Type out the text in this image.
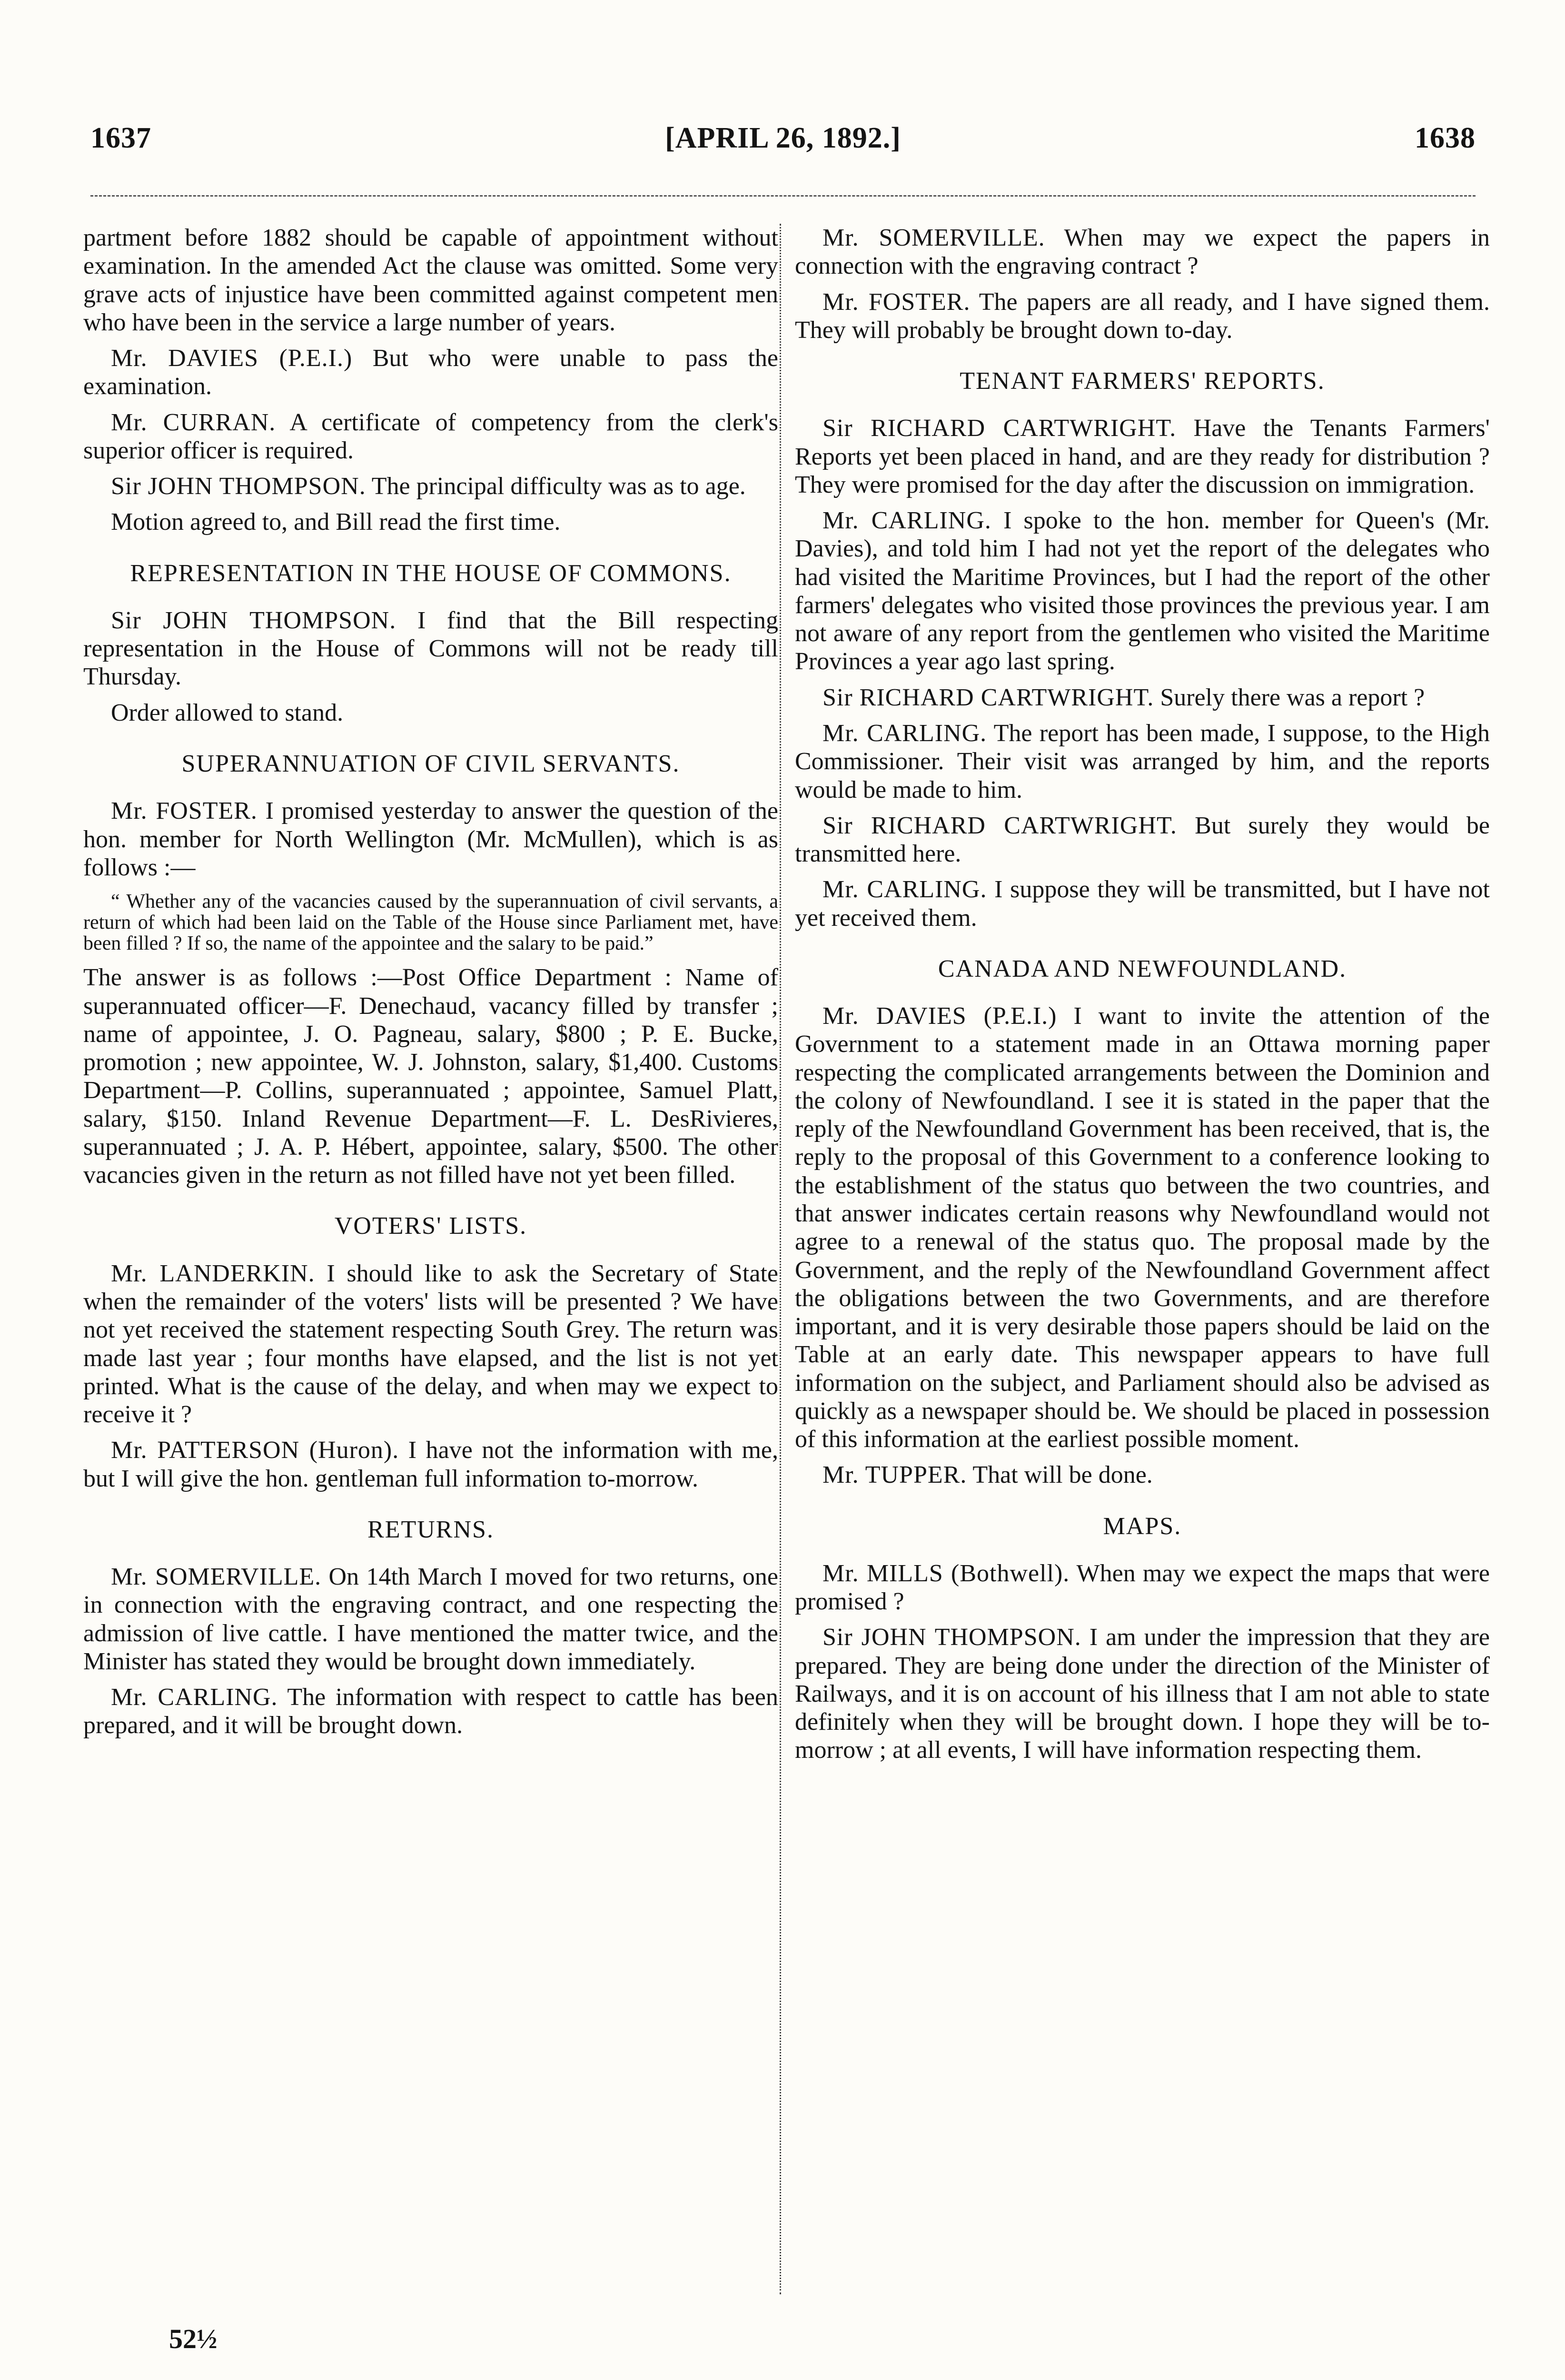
1637	[APRIL 26, 1892.]	1638

partment before 1882 should be capable of appointment without examination. In the amended Act the clause was omitted. Some very grave acts of injustice have been committed against competent men who have been in the service a large number of years.

Mr. DAVIES (P.E.I.) But who were unable to pass the examination.

Mr. CURRAN. A certificate of competency from the clerk's superior officer is required.

Sir JOHN THOMPSON. The principal difficulty was as to age.

Motion agreed to, and Bill read the first time.

REPRESENTATION IN THE HOUSE OF COMMONS.

Sir JOHN THOMPSON. I find that the Bill respecting representation in the House of Commons will not be ready till Thursday.

Order allowed to stand.

SUPERANNUATION OF CIVIL SERVANTS.

Mr. FOSTER. I promised yesterday to answer the question of the hon. member for North Wellington (Mr. McMullen), which is as follows :—

“ Whether any of the vacancies caused by the superannuation of civil servants, a return of which had been laid on the Table of the House since Parliament met, have been filled ? If so, the name of the appointee and the salary to be paid.”

The answer is as follows :—Post Office Department : Name of superannuated officer—F. Denechaud, vacancy filled by transfer ; name of appointee, J. O. Pagneau, salary, $800 ; P. E. Bucke, promotion ; new appointee, W. J. Johnston, salary, $1,400. Customs Department—P. Collins, superannuated ; appointee, Samuel Platt, salary, $150. Inland Revenue Department—F. L. DesRivieres, superannuated ; J. A. P. Hébert, appointee, salary, $500. The other vacancies given in the return as not filled have not yet been filled.

VOTERS' LISTS.

Mr. LANDERKIN. I should like to ask the Secretary of State when the remainder of the voters' lists will be presented ? We have not yet received the statement respecting South Grey. The return was made last year ; four months have elapsed, and the list is not yet printed. What is the cause of the delay, and when may we expect to receive it ?

Mr. PATTERSON (Huron). I have not the information with me, but I will give the hon. gentleman full information to-morrow.

RETURNS.

Mr. SOMERVILLE. On 14th March I moved for two returns, one in connection with the engraving contract, and one respecting the admission of live cattle. I have mentioned the matter twice, and the Minister has stated they would be brought down immediately.

Mr. CARLING. The information with respect to cattle has been prepared, and it will be brought down.

Mr. SOMERVILLE. When may we expect the papers in connection with the engraving contract ?

Mr. FOSTER. The papers are all ready, and I have signed them. They will probably be brought down to-day.

TENANT FARMERS' REPORTS.

Sir RICHARD CARTWRIGHT. Have the Tenants Farmers' Reports yet been placed in hand, and are they ready for distribution ? They were promised for the day after the discussion on immigration.

Mr. CARLING. I spoke to the hon. member for Queen's (Mr. Davies), and told him I had not yet the report of the delegates who had visited the Maritime Provinces, but I had the report of the other farmers' delegates who visited those provinces the previous year. I am not aware of any report from the gentlemen who visited the Maritime Provinces a year ago last spring.

Sir RICHARD CARTWRIGHT. Surely there was a report ?

Mr. CARLING. The report has been made, I suppose, to the High Commissioner. Their visit was arranged by him, and the reports would be made to him.

Sir RICHARD CARTWRIGHT. But surely they would be transmitted here.

Mr. CARLING. I suppose they will be transmitted, but I have not yet received them.

CANADA AND NEWFOUNDLAND.

Mr. DAVIES (P.E.I.) I want to invite the attention of the Government to a statement made in an Ottawa morning paper respecting the complicated arrangements between the Dominion and the colony of Newfoundland. I see it is stated in the paper that the reply of the Newfoundland Government has been received, that is, the reply to the proposal of this Government to a conference looking to the establishment of the status quo between the two countries, and that answer indicates certain reasons why Newfoundland would not agree to a renewal of the status quo. The proposal made by the Government, and the reply of the Newfoundland Government affect the obligations between the two Governments, and are therefore important, and it is very desirable those papers should be laid on the Table at an early date. This newspaper appears to have full information on the subject, and Parliament should also be advised as quickly as a newspaper should be. We should be placed in possession of this information at the earliest possible moment.

Mr. TUPPER. That will be done.

MAPS.

Mr. MILLS (Bothwell). When may we expect the maps that were promised ?

Sir JOHN THOMPSON. I am under the impression that they are prepared. They are being done under the direction of the Minister of Railways, and it is on account of his illness that I am not able to state definitely when they will be brought down. I hope they will be to-morrow ; at all events, I will have information respecting them.

52½
